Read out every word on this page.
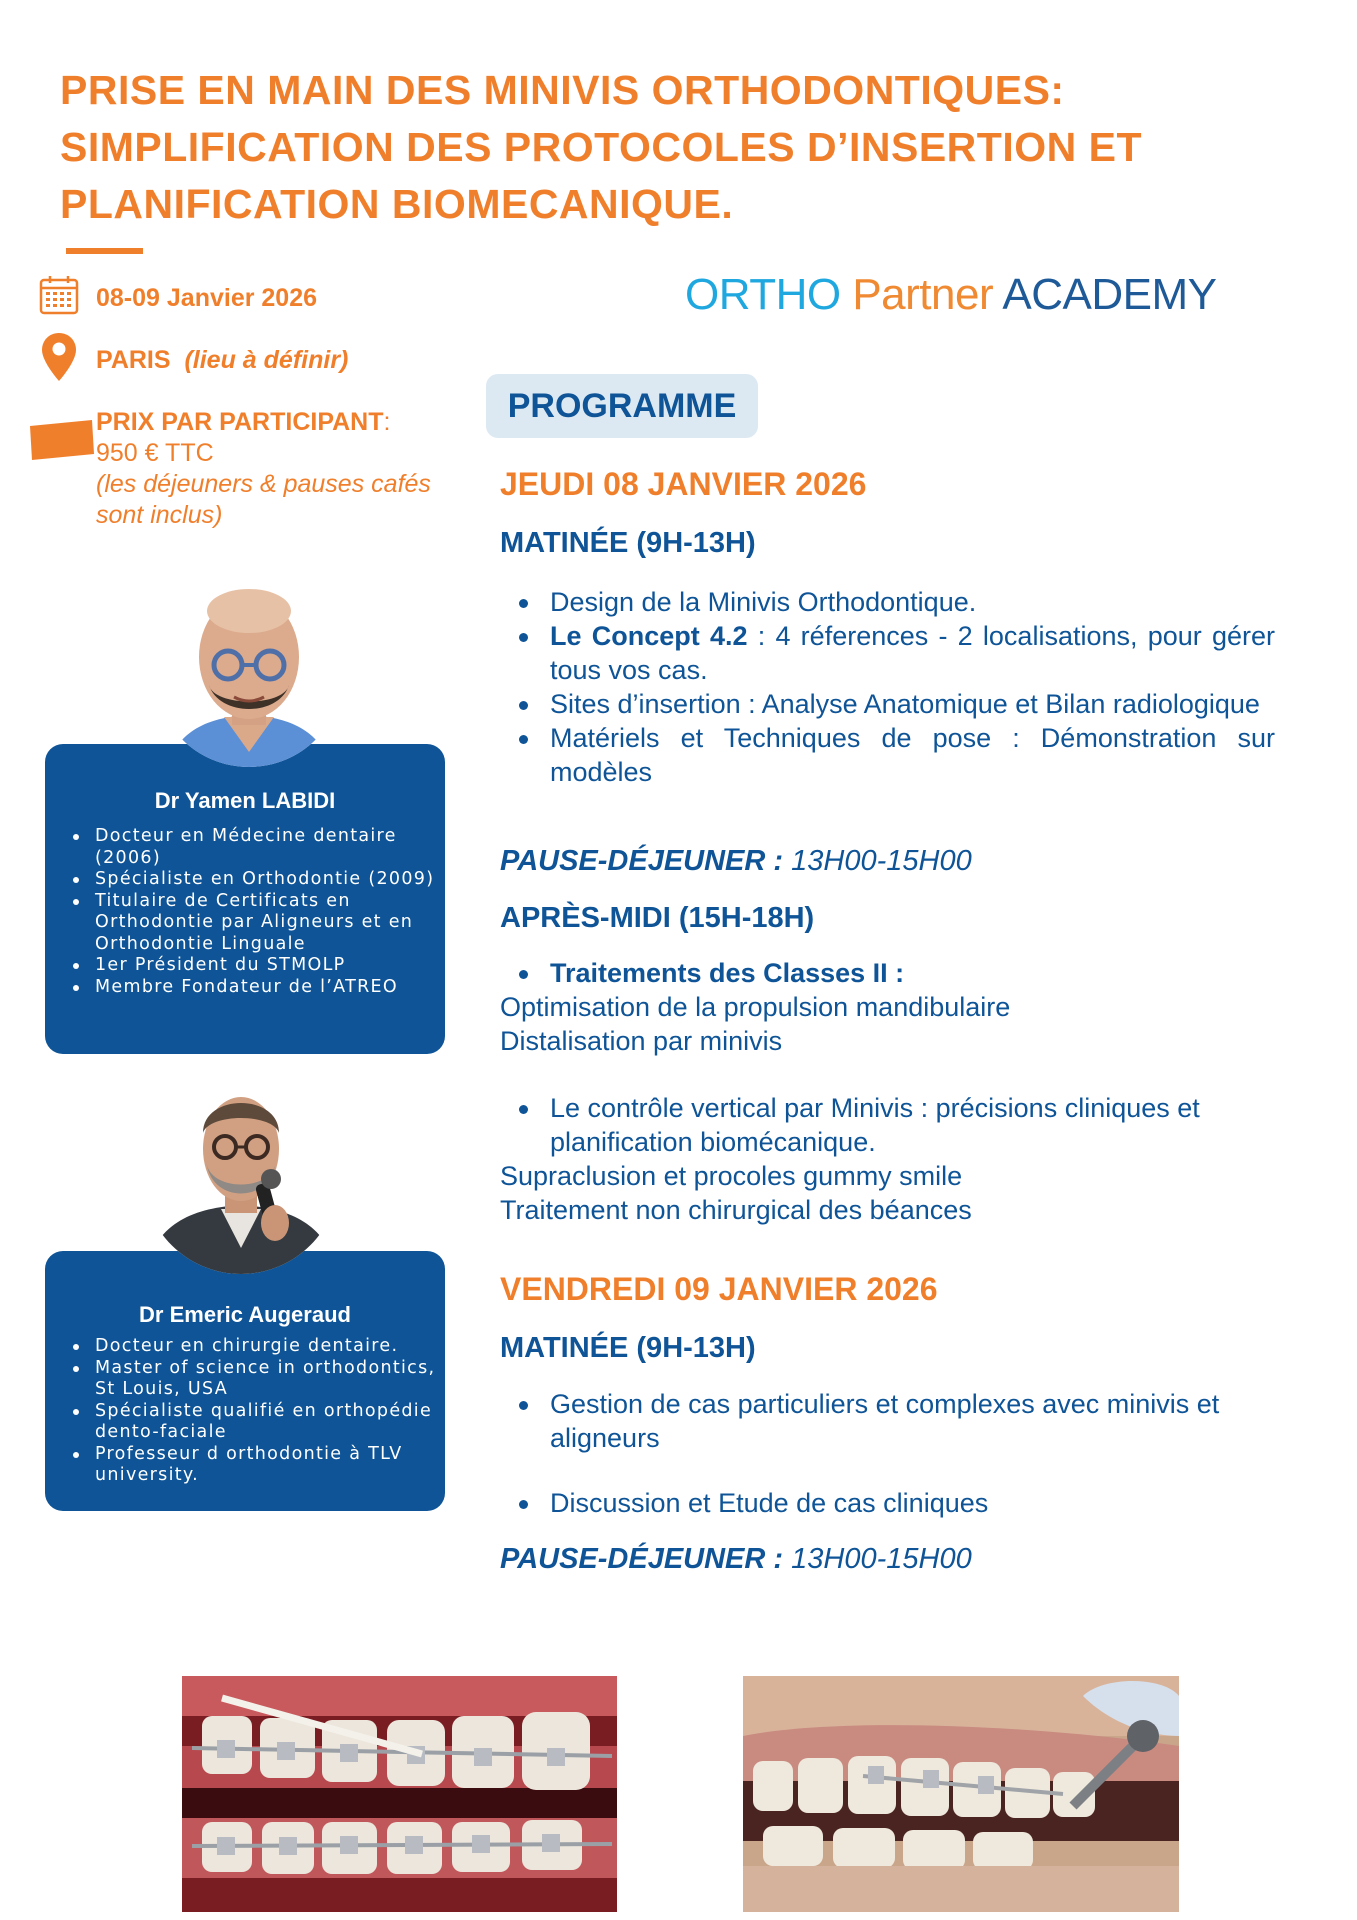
PRISE EN MAIN DES MINIVIS ORTHODONTIQUES: SIMPLIFICATION DES PROTOCOLES D’INSERTION ET PLANIFICATION BIOMECANIQUE.
08-09 Janvier 2026
PARIS (lieu à définir)
PRIX PAR PARTICIPANT:
950 € TTC
(les déjeuners & pauses cafés sont inclus)
ORTHO Partner ACADEMY
PROGRAMME
JEUDI 08 JANVIER 2026
MATINÉE (9H-13H)
Design de la Minivis Orthodontique.
Le Concept 4.2 : 4 réferences - 2 localisations, pour gérer tous vos cas.
Sites d’insertion : Analyse Anatomique et Bilan radiologique
Matériels et Techniques de pose : Démonstration sur modèles
PAUSE-DÉJEUNER : 13H00-15H00
APRÈS-MIDI (15H-18H)
Traitements des Classes II :
Optimisation de la propulsion mandibulaire
Distalisation par minivis
Le contrôle vertical par Minivis : précisions cliniques et planification biomécanique.
Supraclusion et procoles gummy smile
Traitement non chirurgical des béances
VENDREDI 09 JANVIER 2026
MATINÉE (9H-13H)
Gestion de cas particuliers et complexes avec minivis et aligneurs
Discussion et Etude de cas cliniques
PAUSE-DÉJEUNER : 13H00-15H00
Dr Yamen LABIDI
Docteur en Médecine dentaire (2006)
Spécialiste en Orthodontie (2009)
Titulaire de Certificats en Orthodontie par Aligneurs et en Orthodontie Linguale
1er Président du STMOLP
Membre Fondateur de l’ATREO
Dr Emeric Augeraud
Docteur en chirurgie dentaire.
Master of science in orthodontics, St Louis, USA
Spécialiste qualifié en orthopédie dento-faciale
Professeur d orthodontie à TLV university.
